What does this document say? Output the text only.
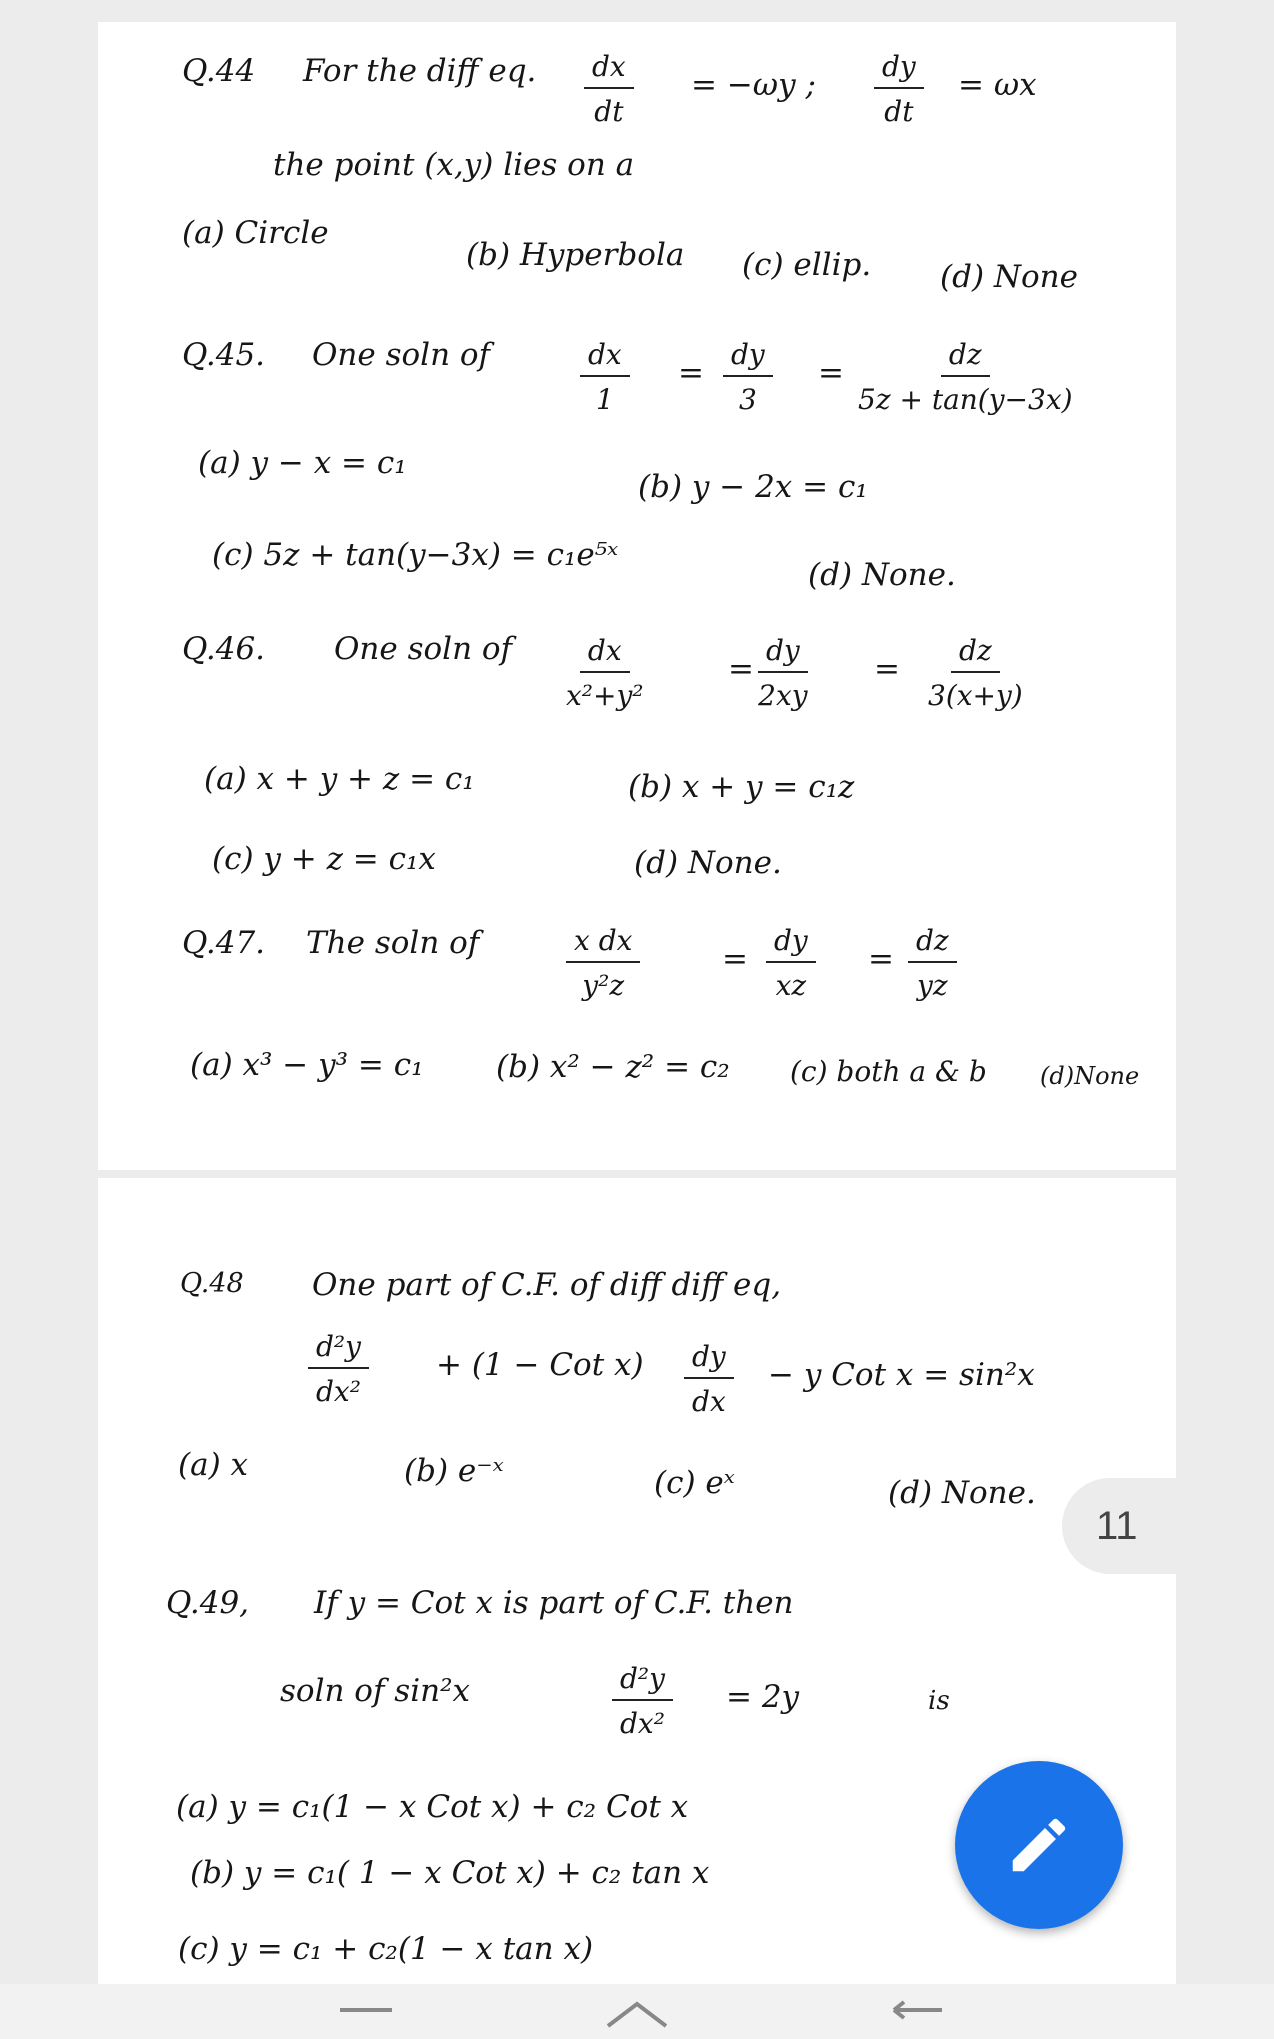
Q.44 For the diff eq. $\frac{dx}{dt} = -\omega y$ ; $\frac{dy}{dt} = \omega x$
the point (x,y) lies on a
(a) Circle
(b) Hyperbola (c) ellip. (d) None
Q.45. One soln of	$\frac{dx}{1} = \frac{dy}{3} = \frac{dz}{5z + \tan(y-3x)}$
(a) y − x = c₁
(b) y − 2x = c₁
(c) 5z + tan(y−3x) = c₁e⁵ˣ
(d) None.
Q.46. One soln of $\frac{dx}{\text{x²+y²}}$	= $\frac{dy}{2xy} = \frac{dz}{3(x+y)}$
(a) x + y + z = c₁	(b) x + y = c₁z
(c) y + z = c₁x	(d) None.
Q.47. The soln of	$\frac{\text{x dx}}{\text{y²z}}$	= $\frac{dy}{xz} = \frac{dz}{yz}$
(a) x³ − y³ = c₁ (b) x² − z² = c₂ (c) both a & b (d)None
Q.48 One part of C.F. of diff diff eq,
$\frac{\text{d²y}}{\text{dx²}} + (1$ − Cot $x) \frac{dy}{dx} - y$ Cot x = sin²x
(a) x	(b) e⁻ˣ	(c) eˣ	(d) None.
Q.49, If y = Cot x is part of C.F. then
soln of sin²x	$\frac{\text{d²y}}{\text{dx²}} = 2y$	is
(a) y = c₁(1 − x Cot x) + c₂ Cot x
(b) y = c₁( 1 − x Cot x) + c₂ tan x
(c) y = c₁ + c₂(1 − x tan x)
11
